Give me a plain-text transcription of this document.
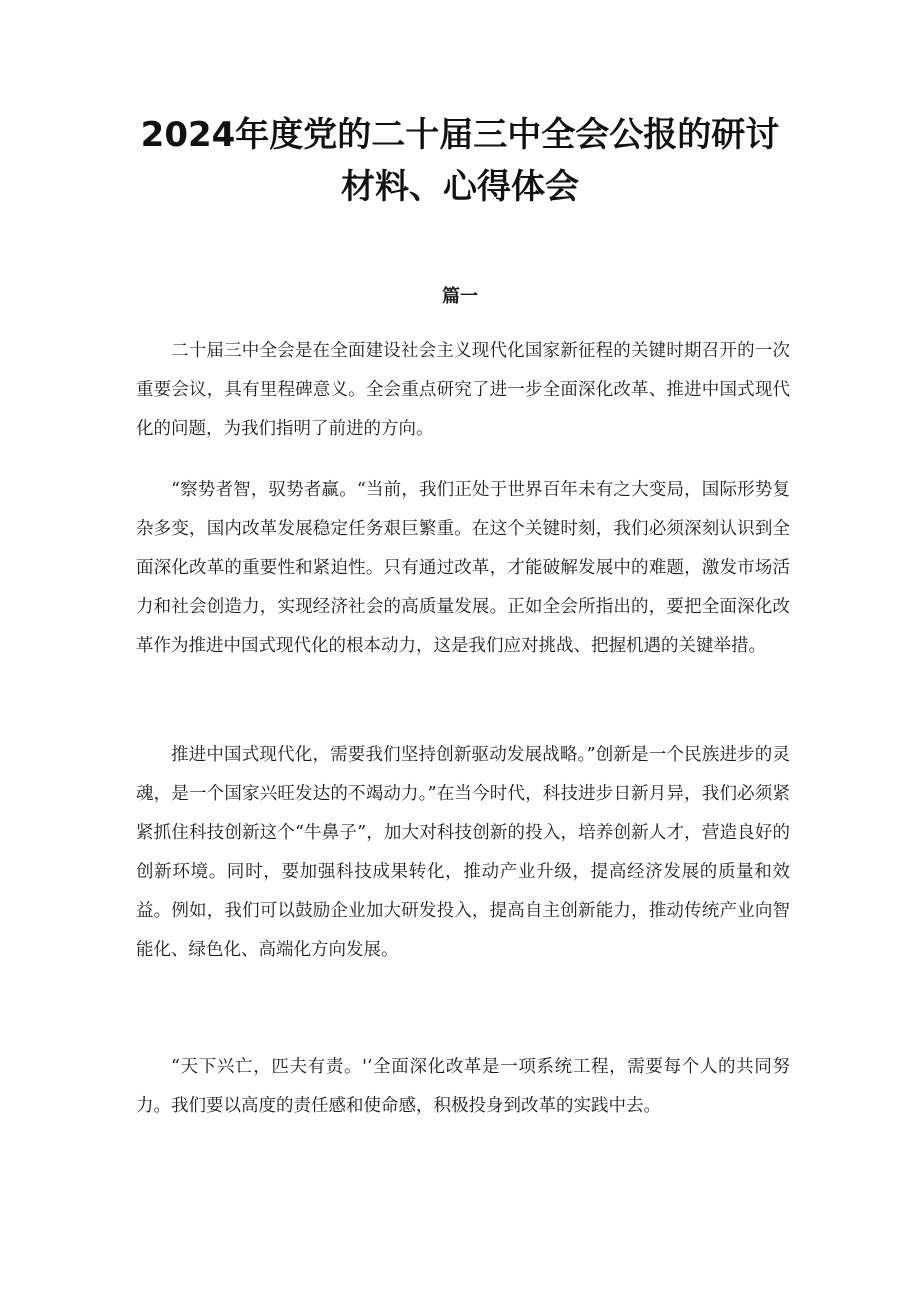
2024年度党的二十届三中全会公报的研讨
材料、心得体会
篇一

二十届三中全会是在全面建设社会主义现代化国家新征程的关键时期召开的一次重要会议，具有里程碑意义。全会重点研究了进一步全面深化改革、推进中国式现代化的问题，为我们指明了前进的方向。

“察势者智，驭势者赢。“当前，我们正处于世界百年未有之大变局，国际形势复杂多变，国内改革发展稳定任务艰巨繁重。在这个关键时刻，我们必须深刻认识到全面深化改革的重要性和紧迫性。只有通过改革，才能破解发展中的难题，激发市场活力和社会创造力，实现经济社会的高质量发展。正如全会所指出的，要把全面深化改革作为推进中国式现代化的根本动力，这是我们应对挑战、把握机遇的关键举措。

推进中国式现代化，需要我们坚持创新驱动发展战略。”创新是一个民族进步的灵魂，是一个国家兴旺发达的不竭动力。”在当今时代，科技进步日新月异，我们必须紧紧抓住科技创新这个“牛鼻子”，加大对科技创新的投入，培养创新人才，营造良好的创新环境。同时，要加强科技成果转化，推动产业升级，提高经济发展的质量和效益。例如，我们可以鼓励企业加大研发投入，提高自主创新能力，推动传统产业向智能化、绿色化、高端化方向发展。

“天下兴亡，匹夫有责。'‘全面深化改革是一项系统工程，需要每个人的共同努力。我们要以高度的责任感和使命感，积极投身到改革的实践中去。
